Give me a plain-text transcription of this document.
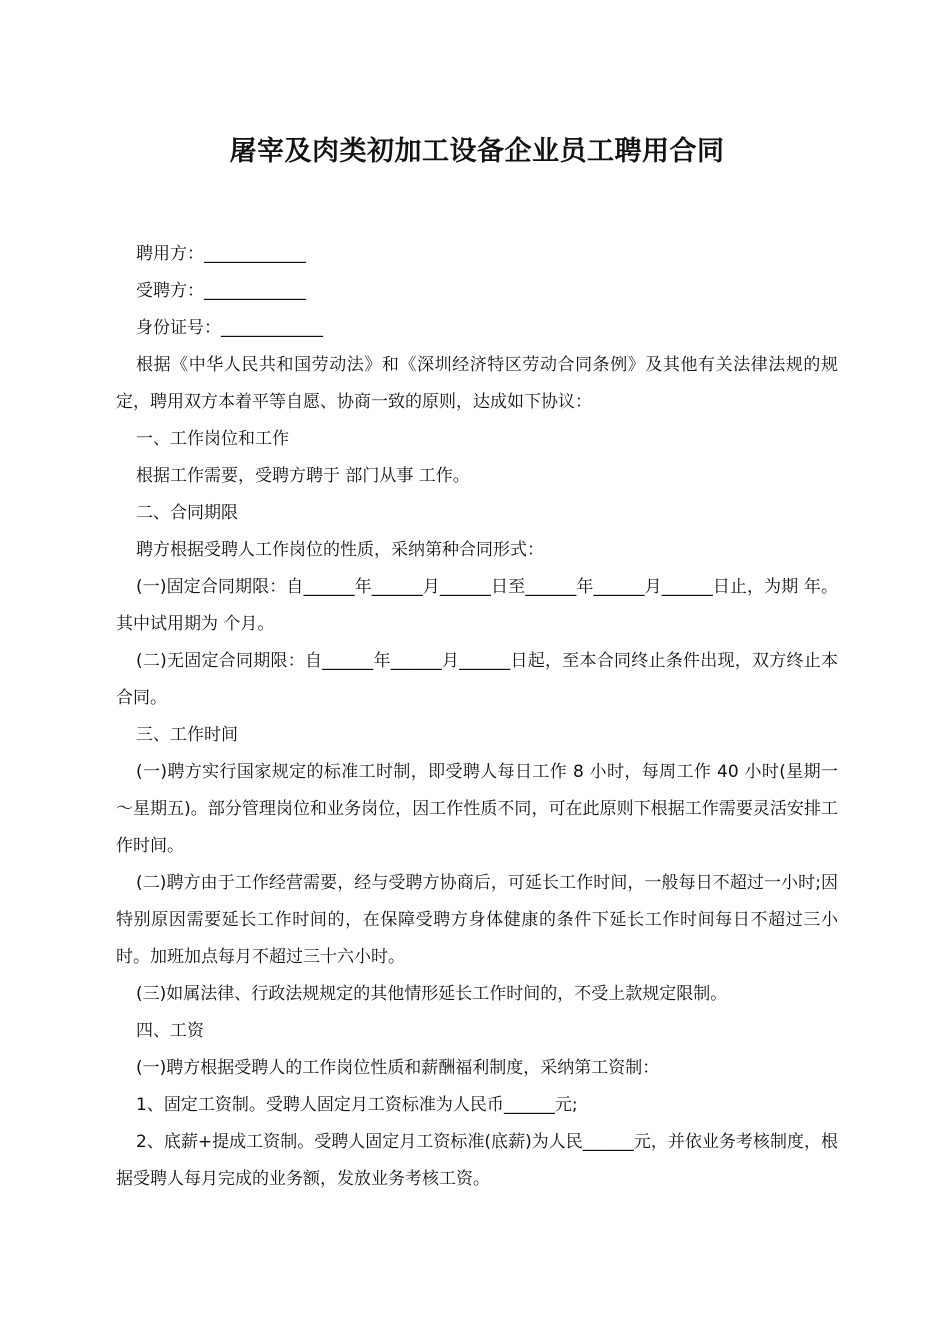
屠宰及肉类初加工设备企业员工聘用合同

聘用方：____________

受聘方：____________

身份证号：____________

根据《中华人民共和国劳动法》和《深圳经济特区劳动合同条例》及其他有关法律法规的规定，聘用双方本着平等自愿、协商一致的原则，达成如下协议：

一、工作岗位和工作

根据工作需要，受聘方聘于 部门从事 工作。

二、合同期限

聘方根据受聘人工作岗位的性质，采纳第种合同形式：

(一)固定合同期限：自______年______月______日至______年______月______日止，为期 年。其中试用期为 个月。

(二)无固定合同期限：自______年______月______日起，至本合同终止条件出现，双方终止本合同。

三、工作时间

(一)聘方实行国家规定的标准工时制，即受聘人每日工作 8 小时，每周工作 40 小时(星期一～星期五)。部分管理岗位和业务岗位，因工作性质不同，可在此原则下根据工作需要灵活安排工作时间。

(二)聘方由于工作经营需要，经与受聘方协商后，可延长工作时间，一般每日不超过一小时;因特别原因需要延长工作时间的，在保障受聘方身体健康的条件下延长工作时间每日不超过三小时。加班加点每月不超过三十六小时。

(三)如属法律、行政法规规定的其他情形延长工作时间的，不受上款规定限制。

四、工资

(一)聘方根据受聘人的工作岗位性质和薪酬福利制度，采纳第工资制：

1、固定工资制。受聘人固定月工资标准为人民币______元;

2、底薪+提成工资制。受聘人固定月工资标准(底薪)为人民______元，并依业务考核制度，根据受聘人每月完成的业务额，发放业务考核工资。
